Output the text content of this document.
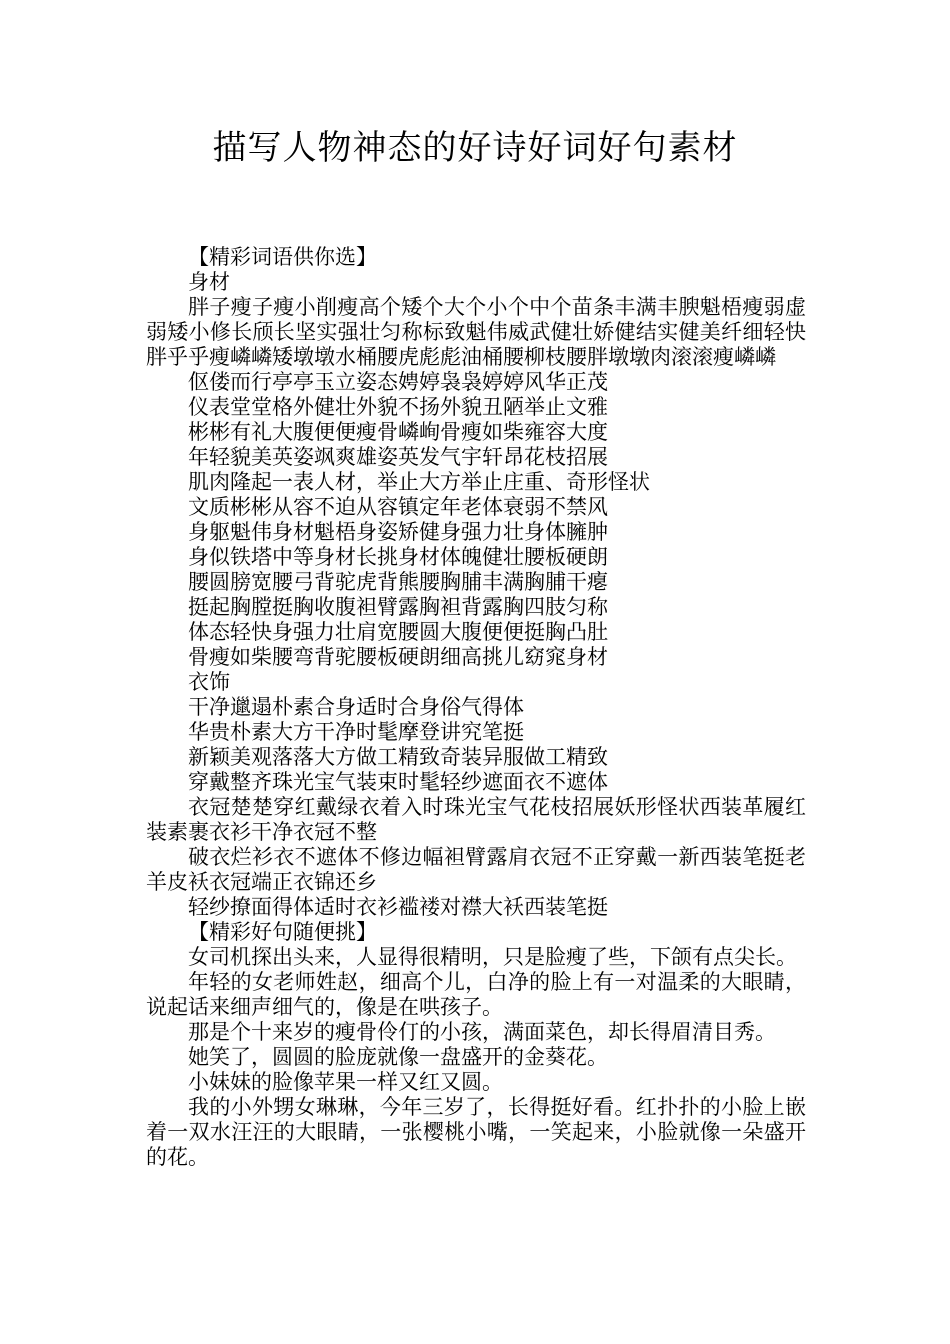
描写人物神态的好诗好词好句素材

【精彩词语供你选】

身材

胖子瘦子瘦小削瘦高个矮个大个小个中个苗条丰满丰腴魁梧瘦弱虚弱矮小修长颀长坚实强壮匀称标致魁伟威武健壮娇健结实健美纤细轻快胖乎乎瘦嶙嶙矮墩墩水桶腰虎彪彪油桶腰柳枝腰胖墩墩肉滚滚瘦嶙嶙

伛偻而行亭亭玉立姿态娉婷袅袅婷婷风华正茂

仪表堂堂格外健壮外貌不扬外貌丑陋举止文雅

彬彬有礼大腹便便瘦骨嶙峋骨瘦如柴雍容大度

年轻貌美英姿飒爽雄姿英发气宇轩昂花枝招展

肌肉隆起一表人材，举止大方举止庄重、奇形怪状

文质彬彬从容不迫从容镇定年老体衰弱不禁风

身躯魁伟身材魁梧身姿矫健身强力壮身体臃肿

身似铁塔中等身材长挑身材体魄健壮腰板硬朗

腰圆膀宽腰弓背驼虎背熊腰胸脯丰满胸脯干瘪

挺起胸膛挺胸收腹袒臂露胸袒背露胸四肢匀称

体态轻快身强力壮肩宽腰圆大腹便便挺胸凸肚

骨瘦如柴腰弯背驼腰板硬朗细高挑儿窈窕身材

衣饰

干净邋遢朴素合身适时合身俗气得体

华贵朴素大方干净时髦摩登讲究笔挺

新颖美观落落大方做工精致奇装异服做工精致

穿戴整齐珠光宝气装束时髦轻纱遮面衣不遮体

衣冠楚楚穿红戴绿衣着入时珠光宝气花枝招展妖形怪状西装革履红装素裹衣衫干净衣冠不整

破衣烂衫衣不遮体不修边幅袒臂露肩衣冠不正穿戴一新西装笔挺老羊皮袄衣冠端正衣锦还乡

轻纱撩面得体适时衣衫褴褛对襟大袄西装笔挺

【精彩好句随便挑】

女司机探出头来，人显得很精明，只是脸瘦了些，下颌有点尖长。

年轻的女老师姓赵，细高个儿，白净的脸上有一对温柔的大眼睛，说起话来细声细气的，像是在哄孩子。

那是个十来岁的瘦骨伶仃的小孩，满面菜色，却长得眉清目秀。

她笑了，圆圆的脸庞就像一盘盛开的金葵花。

小妹妹的脸像苹果一样又红又圆。

我的小外甥女琳琳，今年三岁了，长得挺好看。红扑扑的小脸上嵌着一双水汪汪的大眼睛，一张樱桃小嘴，一笑起来，小脸就像一朵盛开的花。
